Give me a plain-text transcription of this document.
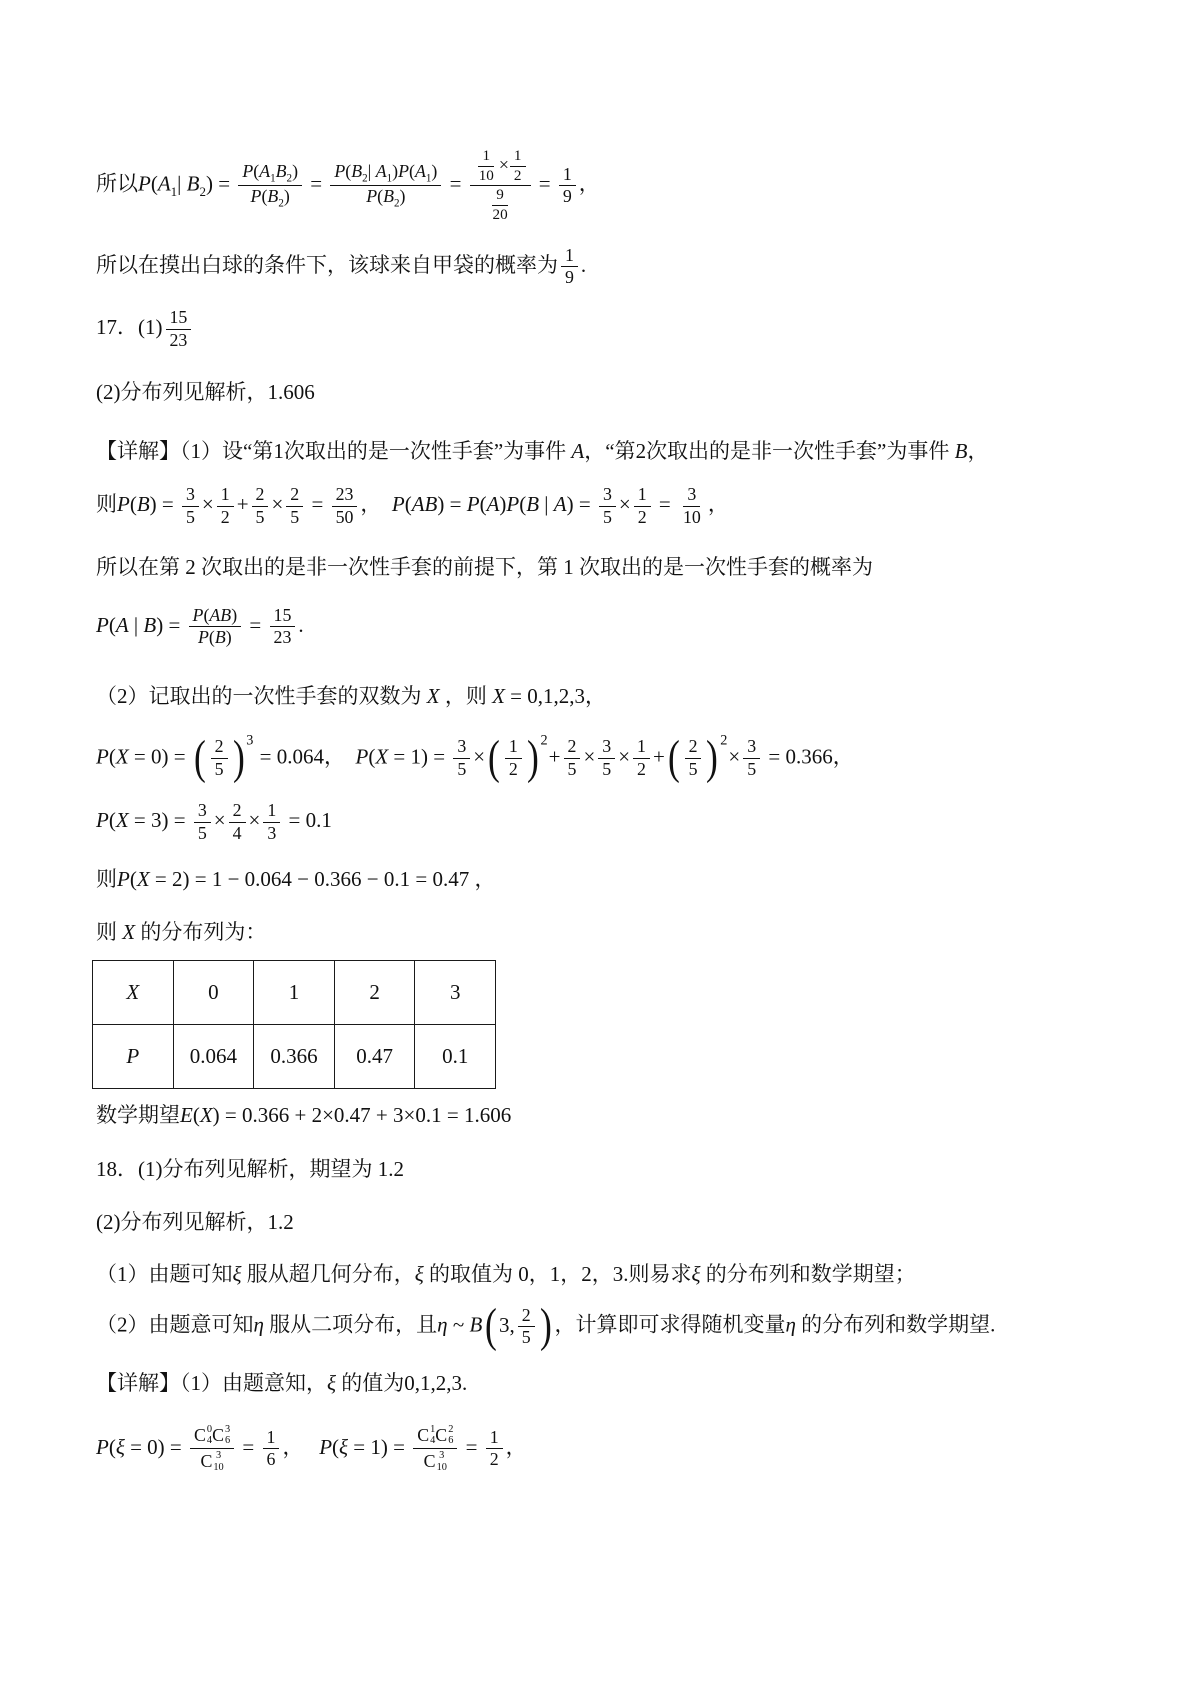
所以$P(A_1|$ $B_2) = \frac{P(A_1B_2)}{P(B_2)} = \frac{P(B_2| A_1)P(A_1)}{P(B_2)} = \frac{\frac{1}{10} \times \frac{1}{2}}{\frac{9}{20}} = \frac{1}{9}$ ，
所以在摸出白球的条件下，该球来自甲袋的概率为 $\frac{1}{9}$ .
17．$(1) \frac{15}{23}$
(2)分布列见解析，1.606
【详解】（1）设“第1次取出的是一次性手套”为事件 A，“第2次取出的是非一次性手套”为事件 B，
则$P(B) = \frac{3}{5} \times \frac{1}{2} + \frac{2}{5} \times \frac{2}{5} = \frac{23}{50}$ ，  P(AB) = P(A)P(B | $A) = \frac{3}{5} \times \frac{1}{2} = \frac{3}{10}$ ，
所以在第 2 次取出的是非一次性手套的前提下，第 1 次取出的是一次性手套的概率为
P(A | $B) = \frac{P(AB)}{P(B)} = \frac{15}{23}$ .
（2）记取出的一次性手套的双数为 X ，则 X = 0,1,2,3，
P(X = 0) = ( $\frac{2}{5}$ ) 3
= 0.064，  $P(X = 1) = \frac{3}{5}$ × ( $\frac{1}{2}$ ) 2
+ $\frac{2}{5} \times \frac{3}{5} \times \frac{1}{2}$ + ( $\frac{2}{5}$ ) 2
× $\frac{3}{5} = 0.366$，
$P(X = 3) = \frac{3}{5} \times \frac{2}{4} \times \frac{1}{3} = 0.1$
则P(X = 2) = 1 − 0.064 − 0.366 − 0.1 = 0.47 ，
则 X 的分布列为：
X	0	1	2	3
P	0.064	0.366	0.47	0.1
数学期望E(X) = 0.366 + 2×0.47 + 3×0.1 = 1.606
18．(1)分布列见解析，期望为 1.2
(2)分布列见解析，1.2
（1）由题可知ξ 服从超几何分布，ξ 的取值为 0，1，2，3.则易求ξ 的分布列和数学期望；
（2）由题意可知η 服从二项分布，且η ~ B ( 3, $\frac{2}{5}$ ) ，计算即可求得随机变量η 的分布列和数学期望.
【详解】（1）由题意知，ξ 的值为0,1,2,3.
P(ξ = 0) = C 0
4 C 3
6
C 3
$10 = \frac{1}{6}$ ，   P(ξ = 1) = C 1
4 C 2
6
C 3
$10 = \frac{1}{2}$ ，
